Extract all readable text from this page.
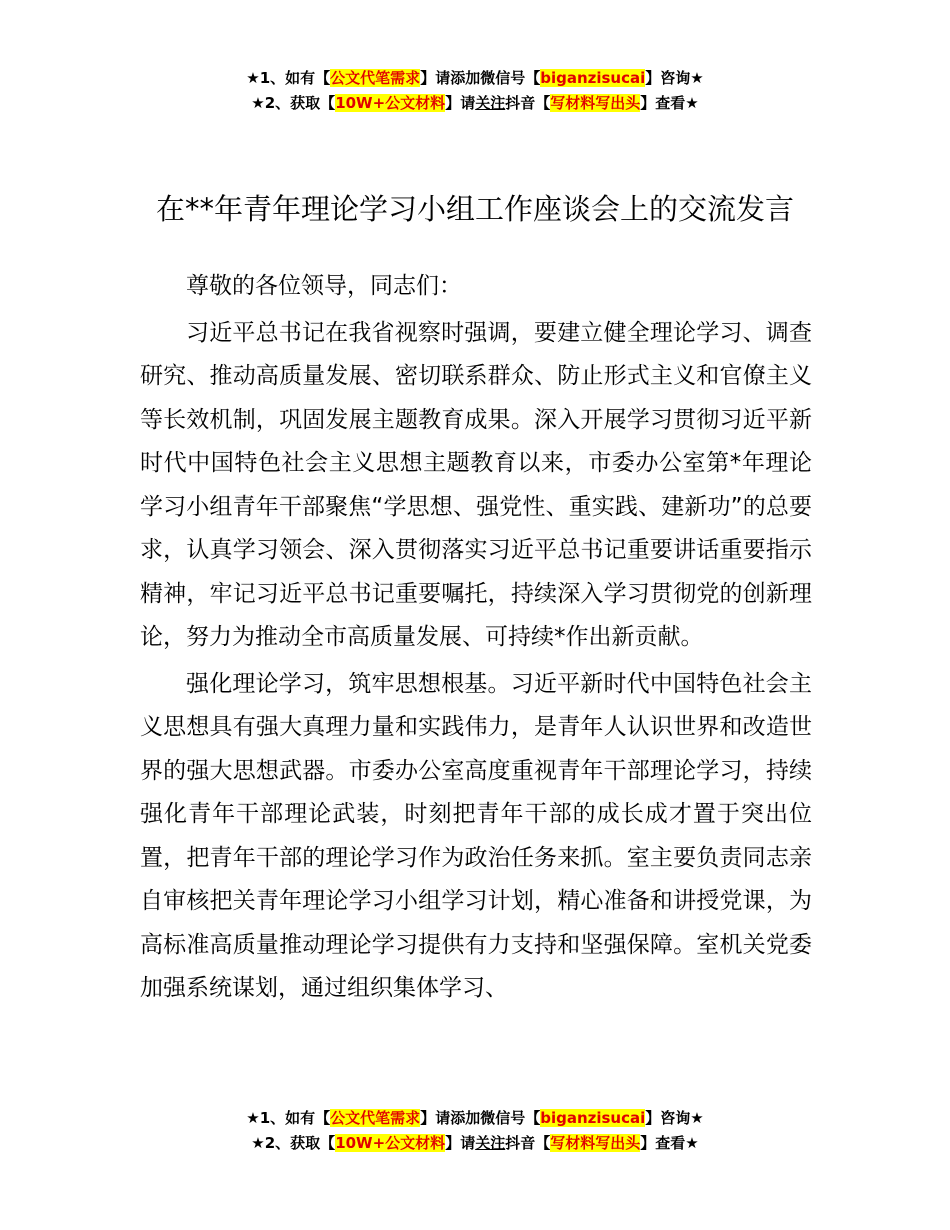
★1、如有【公文代笔需求】请添加微信号【biganzisucai】咨询★
★2、获取【10W+公文材料】请关注抖音【写材料写出头】查看★
在**年青年理论学习小组工作座谈会上的交流发言

尊敬的各位领导，同志们：

习近平总书记在我省视察时强调，要建立健全理论学习、调查研究、推动高质量发展、密切联系群众、防止形式主义和官僚主义等长效机制，巩固发展主题教育成果。深入开展学习贯彻习近平新时代中国特色社会主义思想主题教育以来，市委办公室第*年理论学习小组青年干部聚焦“学思想、强党性、重实践、建新功”的总要求，认真学习领会、深入贯彻落实习近平总书记重要讲话重要指示精神，牢记习近平总书记重要嘱托，持续深入学习贯彻党的创新理论，努力为推动全市高质量发展、可持续*作出新贡献。

强化理论学习，筑牢思想根基。习近平新时代中国特色社会主义思想具有强大真理力量和实践伟力，是青年人认识世界和改造世界的强大思想武器。市委办公室高度重视青年干部理论学习，持续强化青年干部理论武装，时刻把青年干部的成长成才置于突出位置，把青年干部的理论学习作为政治任务来抓。室主要负责同志亲自审核把关青年理论学习小组学习计划，精心准备和讲授党课，为高标准高质量推动理论学习提供有力支持和坚强保障。室机关党委加强系统谋划，通过组织集体学习、

★1、如有【公文代笔需求】请添加微信号【biganzisucai】咨询★
★2、获取【10W+公文材料】请关注抖音【写材料写出头】查看★
